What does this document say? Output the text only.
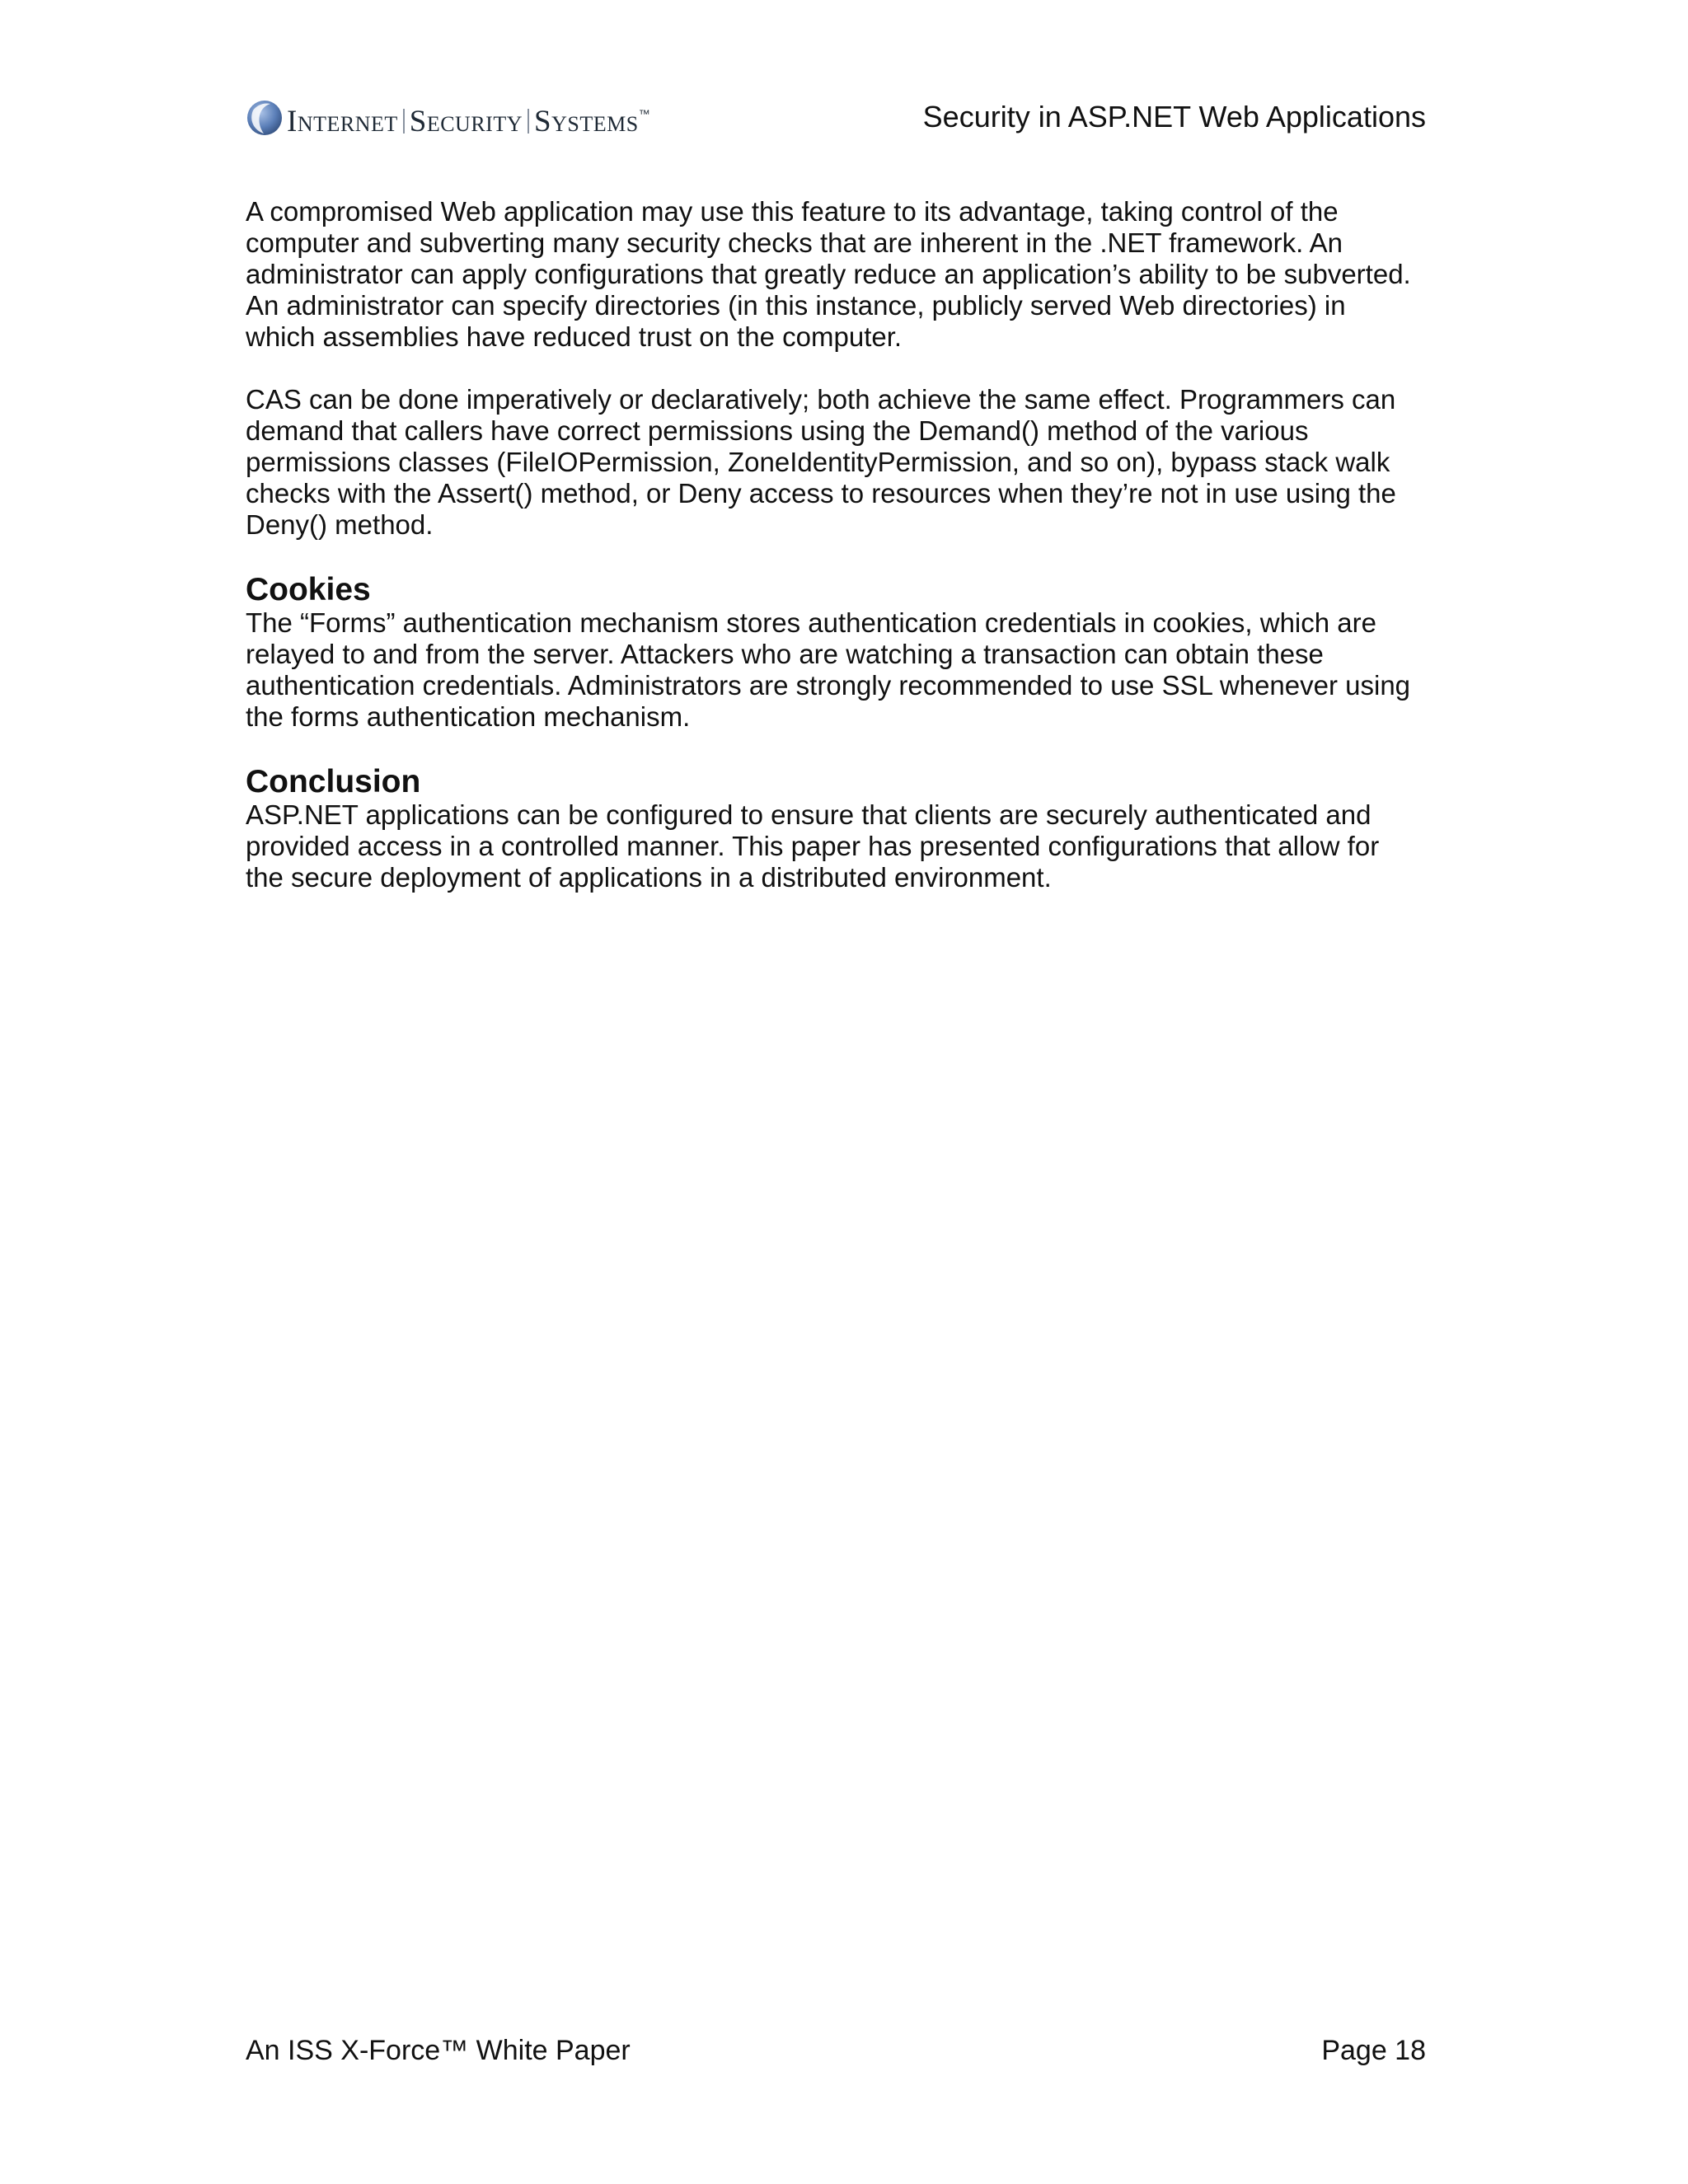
Internet Security Systems™	Security in ASP.NET Web Applications

A compromised Web application may use this feature to its advantage, taking control of the
computer and subverting many security checks that are inherent in the .NET framework. An
administrator can apply configurations that greatly reduce an application’s ability to be subverted.
An administrator can specify directories (in this instance, publicly served Web directories) in
which assemblies have reduced trust on the computer.

CAS can be done imperatively or declaratively; both achieve the same effect. Programmers can
demand that callers have correct permissions using the Demand() method of the various
permissions classes (FileIOPermission, ZoneIdentityPermission, and so on), bypass stack walk
checks with the Assert() method, or Deny access to resources when they’re not in use using the
Deny() method.

Cookies

The “Forms” authentication mechanism stores authentication credentials in cookies, which are
relayed to and from the server. Attackers who are watching a transaction can obtain these
authentication credentials. Administrators are strongly recommended to use SSL whenever using
the forms authentication mechanism.

Conclusion

ASP.NET applications can be configured to ensure that clients are securely authenticated and
provided access in a controlled manner. This paper has presented configurations that allow for
the secure deployment of applications in a distributed environment.

An ISS X-Force™ White Paper	Page 18
